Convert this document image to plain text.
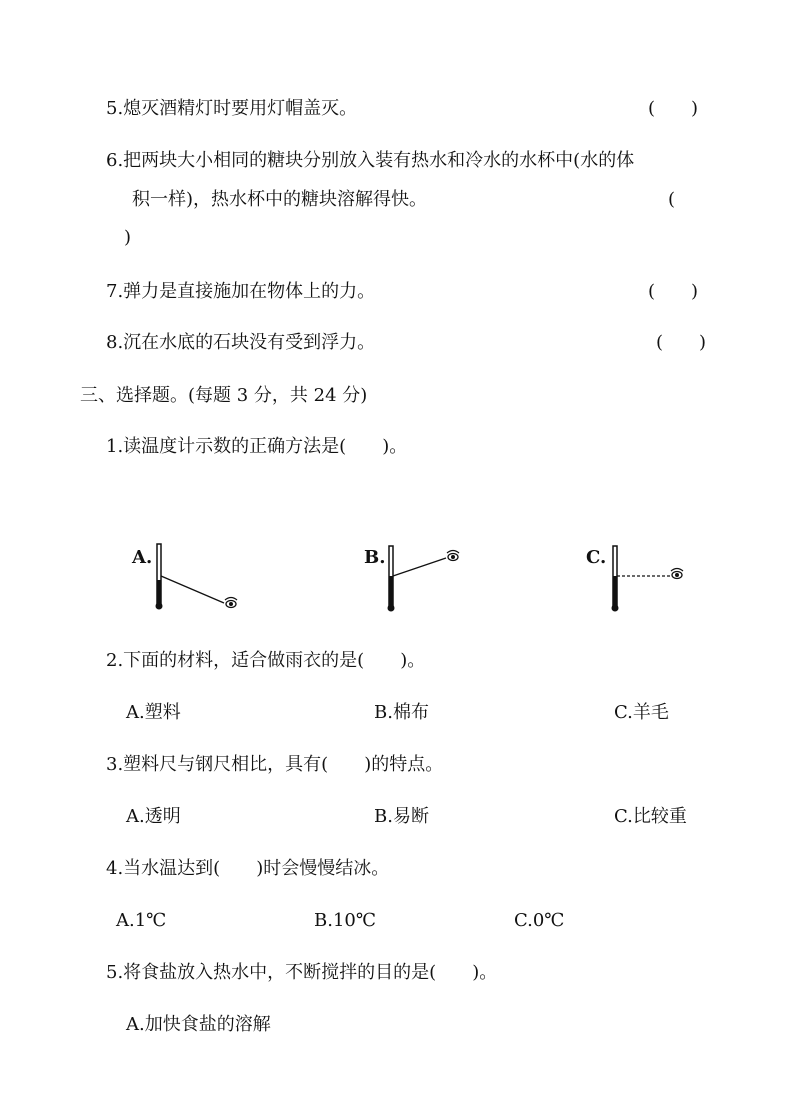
5.熄灭酒精灯时要用灯帽盖灭。	(　　)
6.把两块大小相同的糖块分别放入装有热水和冷水的水杯中(水的体
积一样)，热水杯中的糖块溶解得快。	(
)
7.弹力是直接施加在物体上的力。	(　　)
8.沉在水底的石块没有受到浮力。	(　　)
三、选择题。(每题 3 分，共 24 分)
1.读温度计示数的正确方法是(　　)。
A.	B.	C.
2.下面的材料，适合做雨衣的是(　　)。
A.塑料	B.棉布	C.羊毛
3.塑料尺与钢尺相比，具有(　　)的特点。
A.透明	B.易断	C.比较重
4.当水温达到(　　)时会慢慢结冰。
A.1℃	B.10℃	C.0℃
5.将食盐放入热水中，不断搅拌的目的是(　　)。
A.加快食盐的溶解
